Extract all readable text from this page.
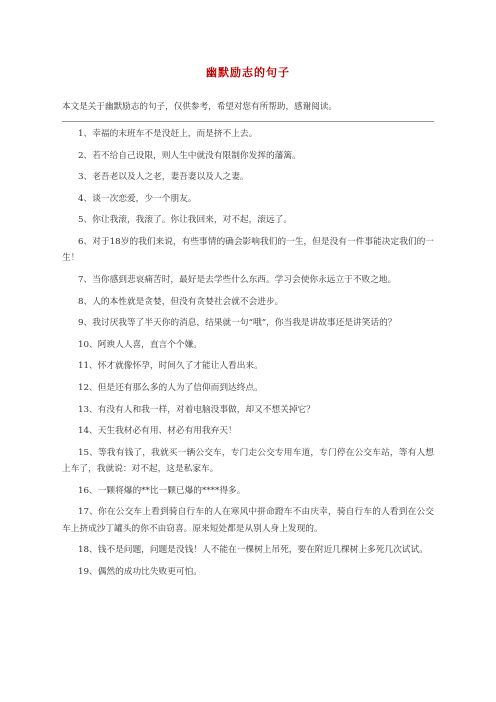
幽默励志的句子
本文是关于幽默励志的句子，仅供参考，希望对您有所帮助，感谢阅读。

1、幸福的末班车不是没赶上，而是挤不上去。

2、若不给自己设限，则人生中就没有限制你发挥的藩篱。

3、老吾老以及人之老，妻吾妻以及人之妻。

4、谈一次恋爱，少一个朋友。

5、你让我滚，我滚了。你让我回来，对不起，滚远了。

6、对于18岁的我们来说，有些事情的确会影响我们的一生，但是没有一件事能决定我们的一生！

7、当你感到悲哀痛苦时，最好是去学些什么东西。学习会使你永远立于不败之地。

8、人的本性就是贪婪，但没有贪婪社会就不会进步。

9、我讨厌我等了半天你的消息，结果就一句“哦”，你当我是讲故事还是讲笑话的？

10、阿谀人人喜，直言个个嫌。

11、怀才就像怀孕，时间久了才能让人看出来。

12、但是还有那么多的人为了信仰而到达终点。

13、有没有人和我一样，对着电脑没事做，却又不想关掉它？

14、天生我材必有用、材必有用我弃天！

15、等我有钱了，我就买一辆公交车，专门走公交专用车道，专门停在公交车站，等有人想上车了，我就说：对不起，这是私家车。

16、一颗将爆的**比一颗已爆的****得多。

17、你在公交车上看到骑自行车的人在寒风中拼命蹬车不由庆幸，骑自行车的人看到在公交车上挤成沙丁罐头的你不由窃喜。原来短处都是从别人身上发现的。

18、钱不是问题，问题是没钱！人不能在一棵树上吊死，要在附近几棵树上多死几次试试。

19、偶然的成功比失败更可怕。
